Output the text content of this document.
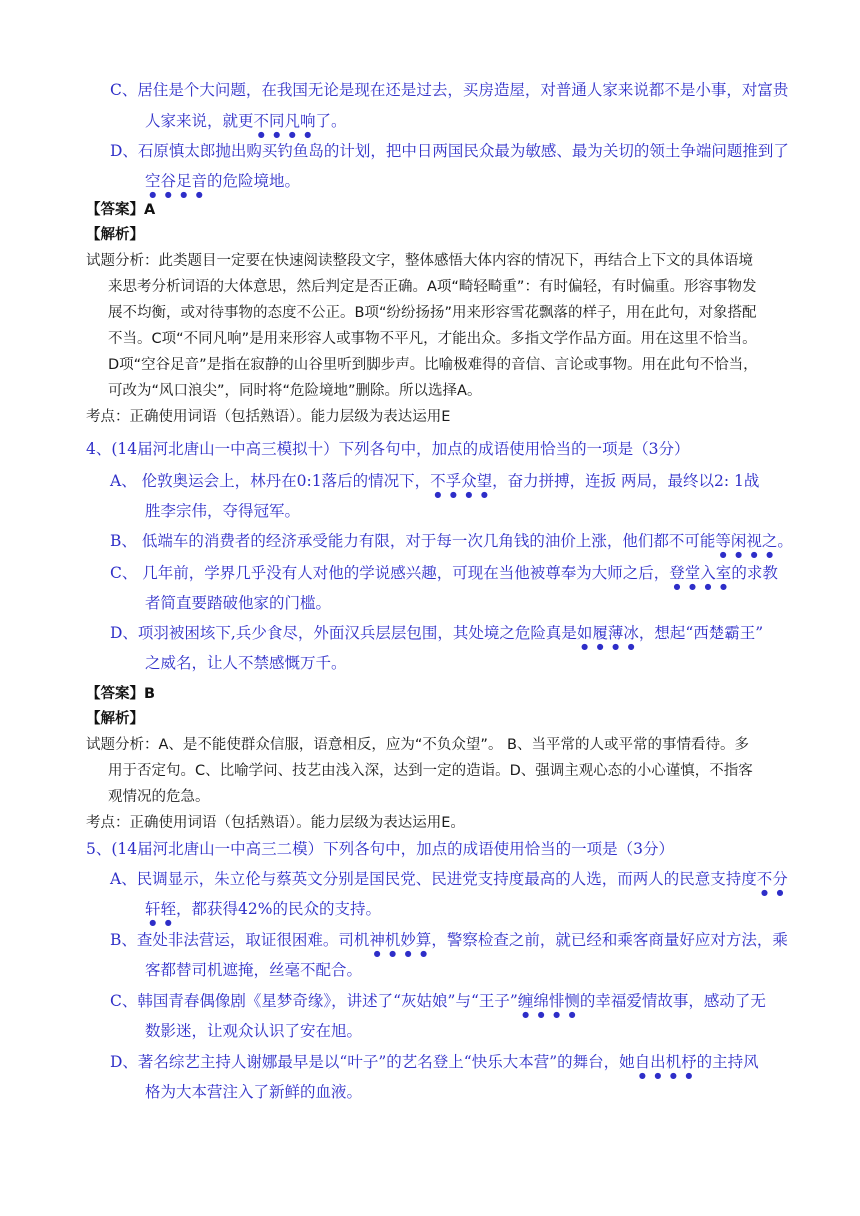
C、居住是个大问题，在我国无论是现在还是过去，买房造屋，对普通人家来说都不是小事，对富贵
人家来说，就更不同凡响了。
D、石原慎太郎抛出购买钓鱼岛的计划，把中日两国民众最为敏感、最为关切的领土争端问题推到了
空谷足音的危险境地。
【答案】A
【解析】
试题分析：此类题目一定要在快速阅读整段文字，整体感悟大体内容的情况下，再结合上下文的具体语境
来思考分析词语的大体意思，然后判定是否正确。A项“畸轻畸重”：有时偏轻，有时偏重。形容事物发
展不均衡，或对待事物的态度不公正。B项“纷纷扬扬”用来形容雪花飘落的样子，用在此句，对象搭配
不当。C项“不同凡响”是用来形容人或事物不平凡，才能出众。多指文学作品方面。用在这里不恰当。
D项“空谷足音”是指在寂静的山谷里听到脚步声。比喻极难得的音信、言论或事物。用在此句不恰当，
可改为“风口浪尖”，同时将“危险境地”删除。所以选择A。
考点：正确使用词语（包括熟语）。能力层级为表达运用E
4、(14届河北唐山一中高三模拟十）下列各句中，加点的成语使用恰当的一项是（3分）
A、 伦敦奥运会上，林丹在0:1落后的情况下，不孚众望，奋力拼搏，连扳 两局，最终以2: 1战
胜李宗伟，夺得冠军。
B、 低端车的消费者的经济承受能力有限，对于每一次几角钱的油价上涨，他们都不可能等闲视之。
C、 几年前，学界几乎没有人对他的学说感兴趣，可现在当他被尊奉为大师之后，登堂入室的求教
者简直要踏破他家的门槛。
D、项羽被困垓下,兵少食尽，外面汉兵层层包围，其处境之危险真是如履薄冰，想起“西楚霸王”
之威名，让人不禁感慨万千。
【答案】B
【解析】
试题分析：A、是不能使群众信服，语意相反，应为“不负众望”。 B、当平常的人或平常的事情看待。多
用于否定句。C、比喻学问、技艺由浅入深，达到一定的造诣。D、强调主观心态的小心谨慎，不指客
观情况的危急。
考点：正确使用词语（包括熟语）。能力层级为表达运用E。
5、(14届河北唐山一中高三二模）下列各句中，加点的成语使用恰当的一项是（3分）
A、民调显示，朱立伦与蔡英文分别是国民党、民进党支持度最高的人选，而两人的民意支持度不分
轩轾，都获得42%的民众的支持。
B、查处非法营运，取证很困难。司机神机妙算，警察检查之前，就已经和乘客商量好应对方法，乘
客都替司机遮掩，丝毫不配合。
C、韩国青春偶像剧《星梦奇缘》，讲述了“灰姑娘”与“王子”缠绵悱恻的幸福爱情故事，感动了无
数影迷，让观众认识了安在旭。
D、著名综艺主持人谢娜最早是以“叶子”的艺名登上“快乐大本营”的舞台，她自出机杼的主持风
格为大本营注入了新鲜的血液。
